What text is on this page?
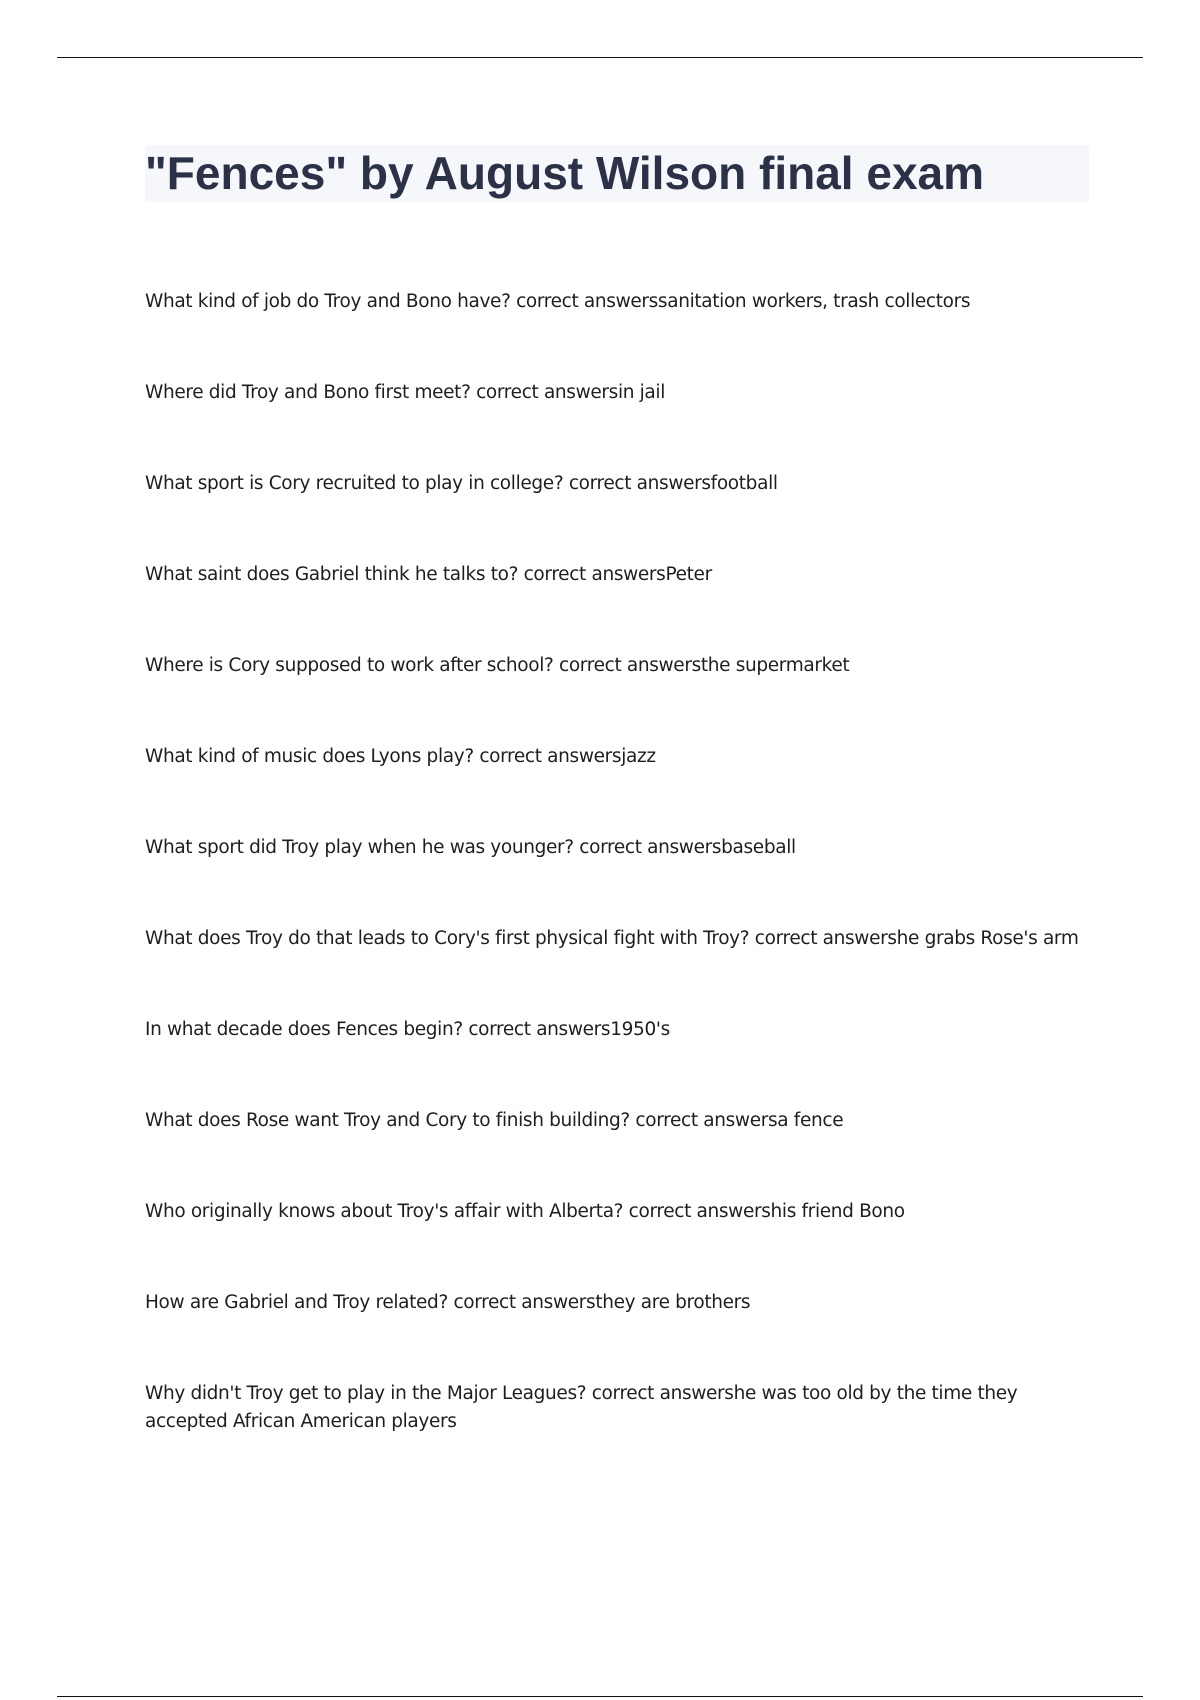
"Fences" by August Wilson final exam
What kind of job do Troy and Bono have? correct answerssanitation workers, trash collectors
Where did Troy and Bono first meet? correct answersin jail
What sport is Cory recruited to play in college? correct answersfootball
What saint does Gabriel think he talks to? correct answersPeter
Where is Cory supposed to work after school? correct answersthe supermarket
What kind of music does Lyons play? correct answersjazz
What sport did Troy play when he was younger? correct answersbaseball
What does Troy do that leads to Cory's first physical fight with Troy? correct answershe grabs Rose's arm
In what decade does Fences begin? correct answers1950's
What does Rose want Troy and Cory to finish building? correct answersa fence
Who originally knows about Troy's affair with Alberta? correct answershis friend Bono
How are Gabriel and Troy related? correct answersthey are brothers
Why didn't Troy get to play in the Major Leagues? correct answershe was too old by the time they accepted African American players
